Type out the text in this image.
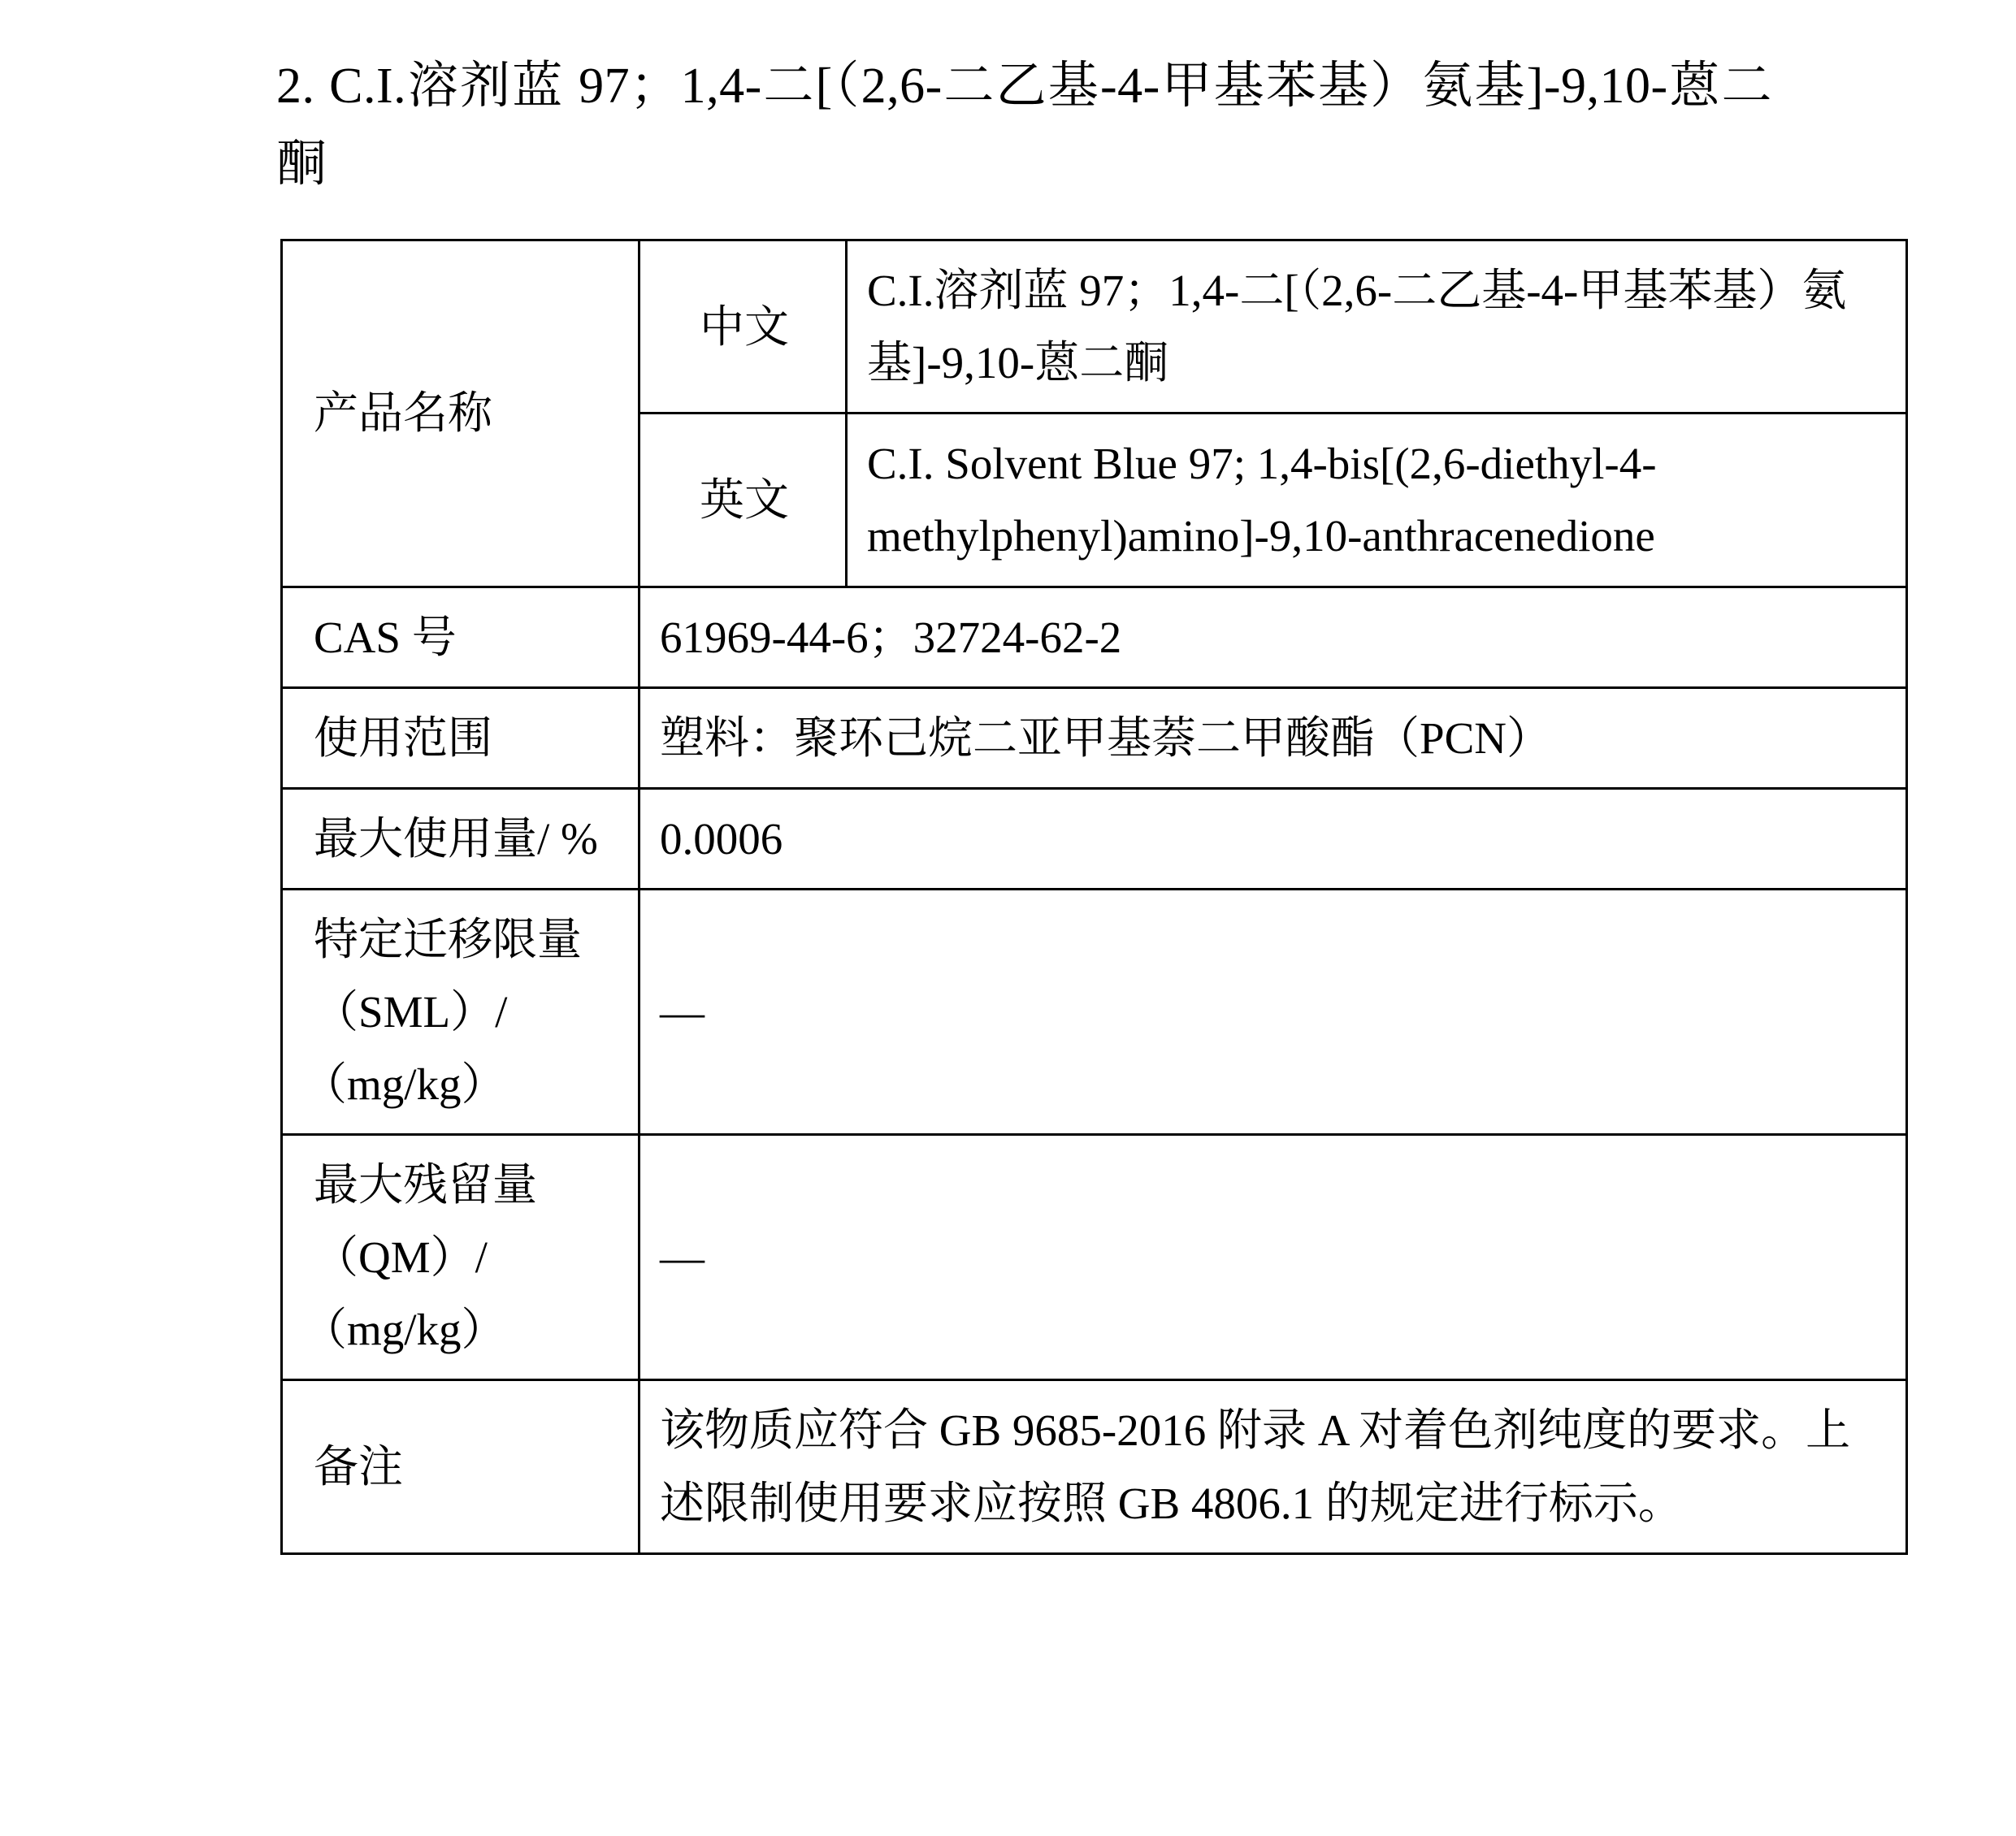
2. C.I.溶剂蓝 97；1,4-二[（2,6-二乙基-4-甲基苯基）氨基]-9,10-蒽二酮

产品名称	中文	C.I.溶剂蓝 97；1,4-二[（2,6-二乙基-4-甲基苯基）氨基]-9,10-蒽二酮
	英文	C.I. Solvent Blue 97; 1,4-bis[(2,6-diethyl-4-methylphenyl)amino]-9,10-anthracenedione
CAS 号	61969-44-6；32724-62-2	
使用范围	塑料：聚环己烷二亚甲基萘二甲酸酯（PCN）	
最大使用量/ %	0.0006	
特定迁移限量 （SML）/（mg/kg）	—	
最大残留量 （QM）/（mg/kg）	—	
备注	该物质应符合 GB 9685-2016 附录 A 对着色剂纯度的要求。上述限制使用要求应按照 GB 4806.1 的规定进行标示。	
